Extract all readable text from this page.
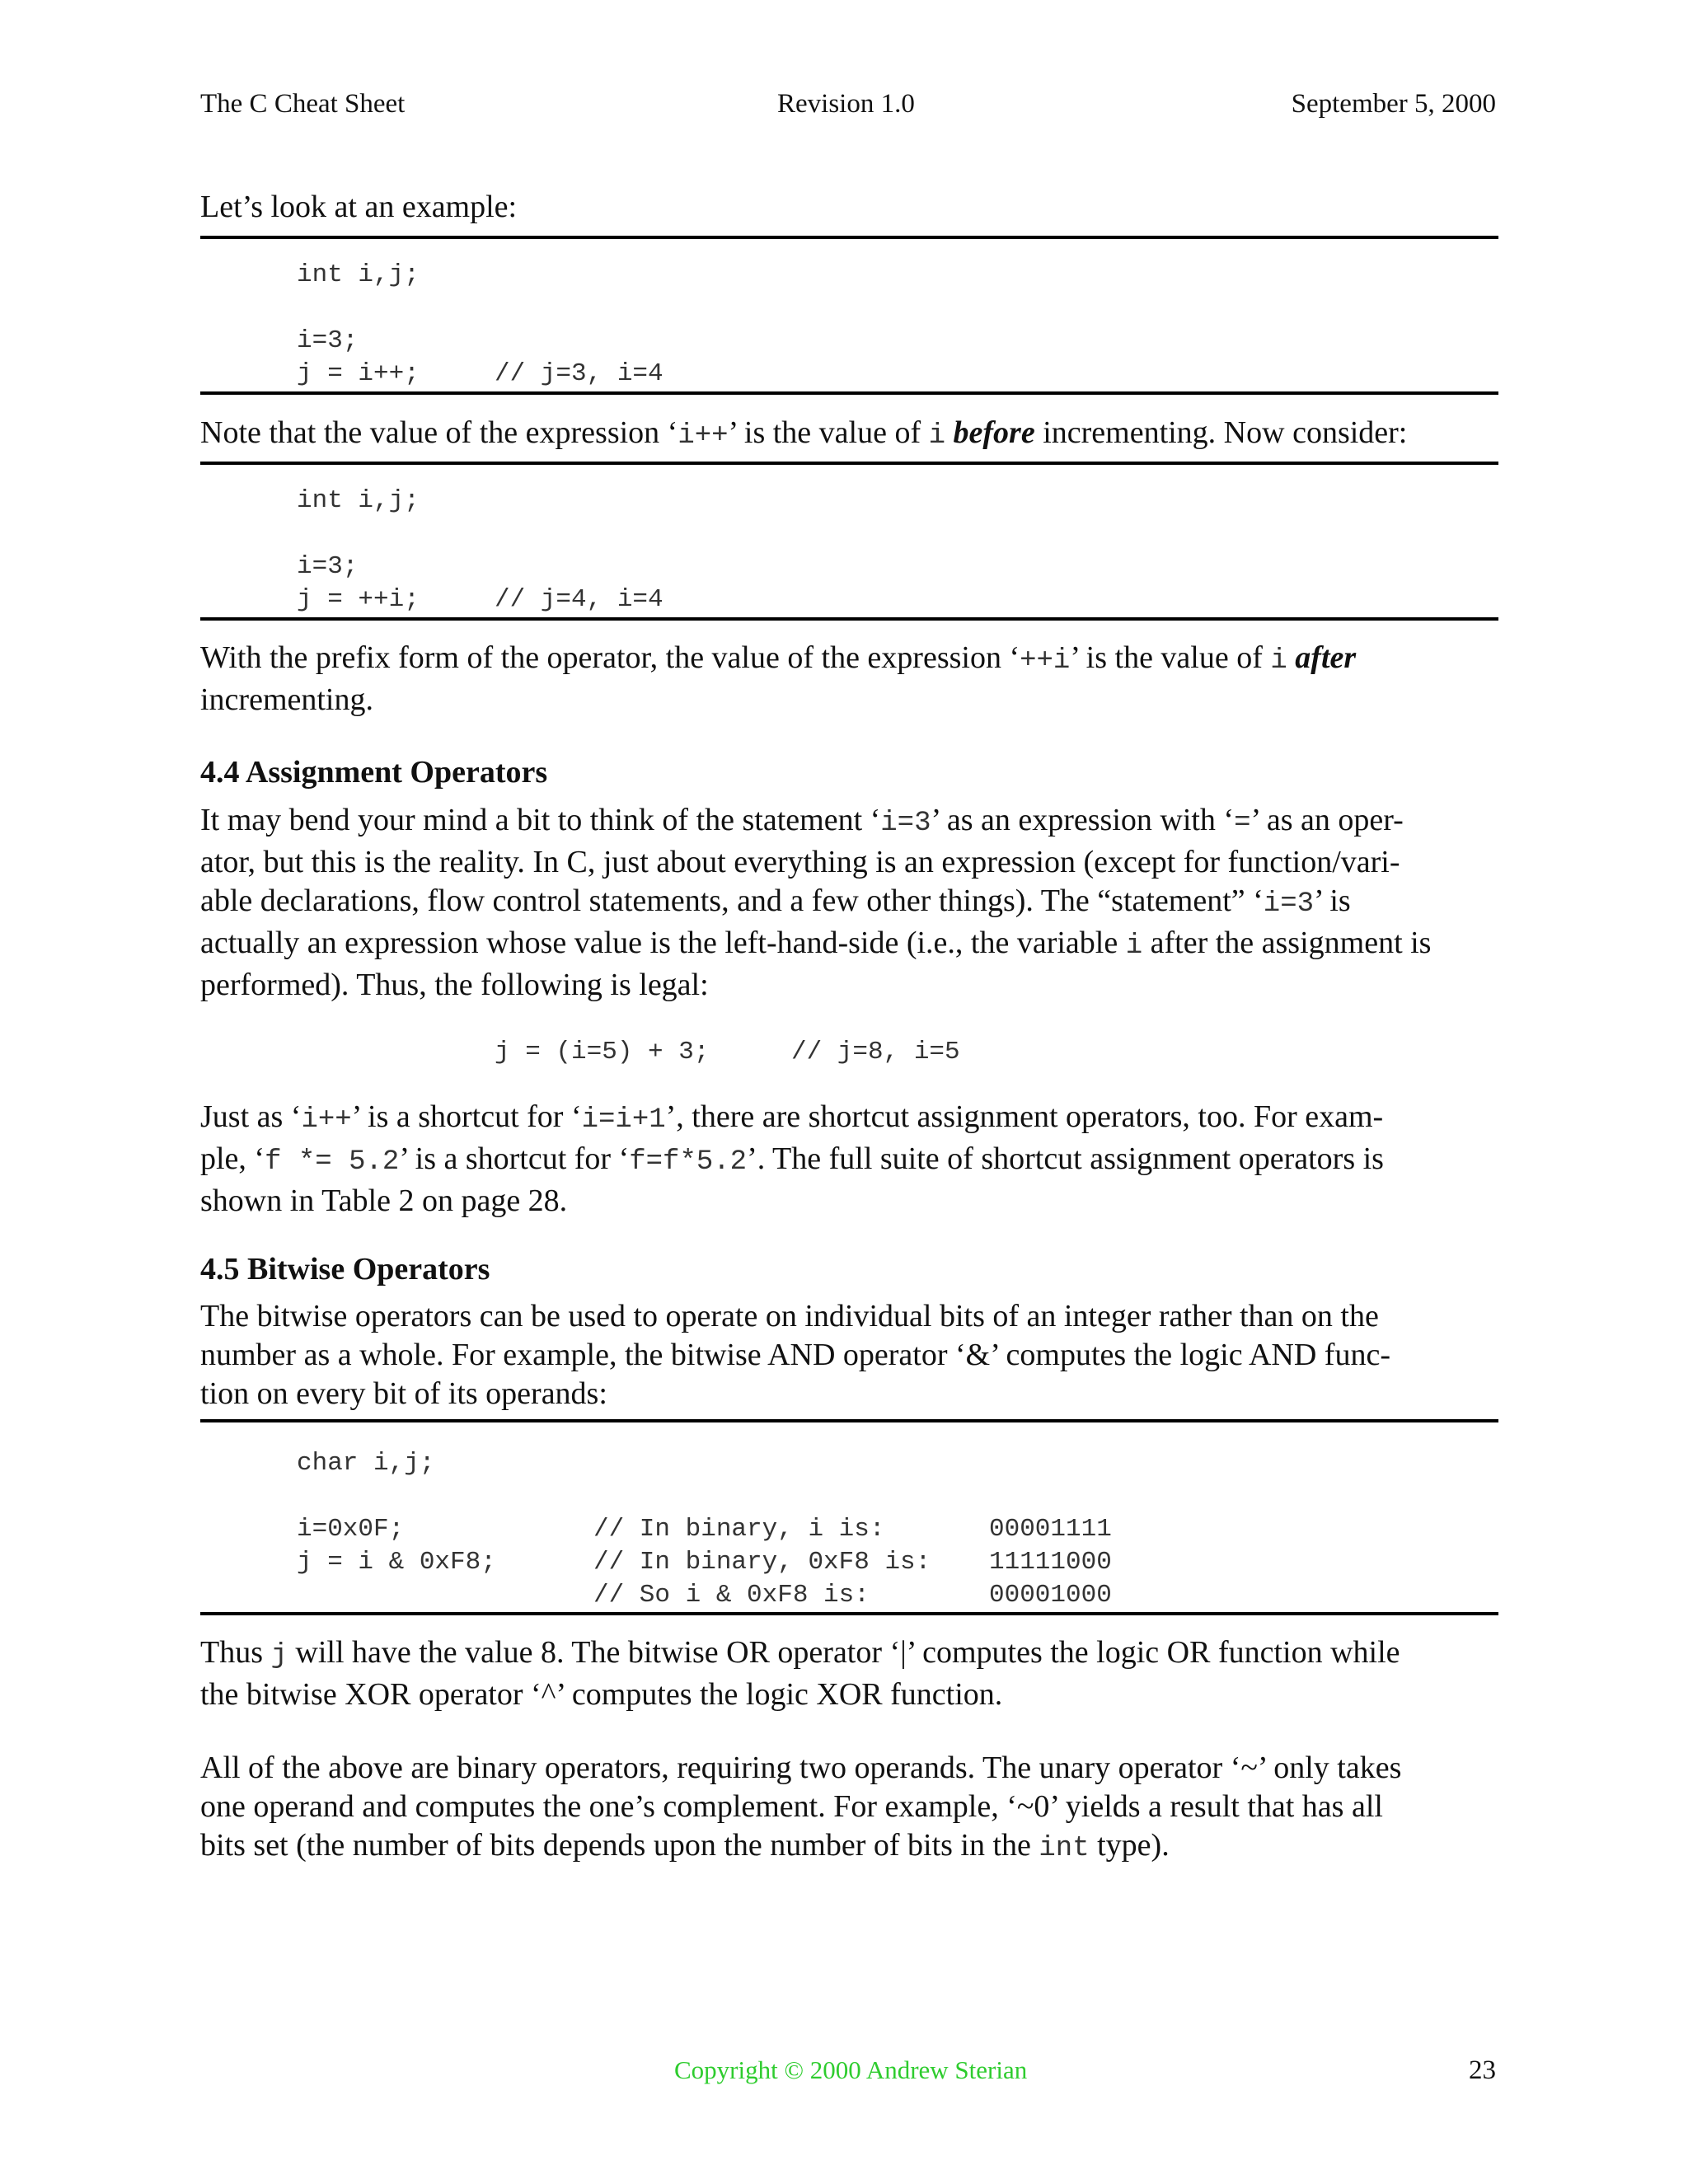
The C Cheat Sheet	Revision 1.0	September 5, 2000
Let’s look at an example:
int i,j;
i=3;
j = i++;	// j=3, i=4
Note that the value of the expression ‘i++’ is the value of i before incrementing. Now consider:
int i,j;
i=3;
j = ++i;	// j=4, i=4
With the prefix form of the operator, the value of the expression ‘++i’ is the value of i after
incrementing.
4.4 Assignment Operators
It may bend your mind a bit to think of the statement ‘i=3’ as an expression with ‘=’ as an oper-
ator, but this is the reality. In C, just about everything is an expression (except for function/vari-
able declarations, flow control statements, and a few other things). The “statement” ‘i=3’ is
actually an expression whose value is the left-hand-side (i.e., the variable i after the assignment is
performed). Thus, the following is legal:
j = (i=5) + 3;	// j=8, i=5
Just as ‘i++’ is a shortcut for ‘i=i+1’, there are shortcut assignment operators, too. For exam-
ple, ‘f *= 5.2’ is a shortcut for ‘f=f*5.2’. The full suite of shortcut assignment operators is
shown in Table 2 on page 28.
4.5 Bitwise Operators
The bitwise operators can be used to operate on individual bits of an integer rather than on the
number as a whole. For example, the bitwise AND operator ‘&’ computes the logic AND func-
tion on every bit of its operands:
char i,j;
i=0x0F;	// In binary, i is:	00001111
j = i & 0xF8;	// In binary, 0xF8 is: 11111000
// So i & 0xF8 is:	00001000
Thus j will have the value 8. The bitwise OR operator ‘|’ computes the logic OR function while
the bitwise XOR operator ‘^’ computes the logic XOR function.
All of the above are binary operators, requiring two operands. The unary operator ‘~’ only takes
one operand and computes the one’s complement. For example, ‘~0’ yields a result that has all
bits set (the number of bits depends upon the number of bits in the int type).
Copyright © 2000 Andrew Sterian	23
